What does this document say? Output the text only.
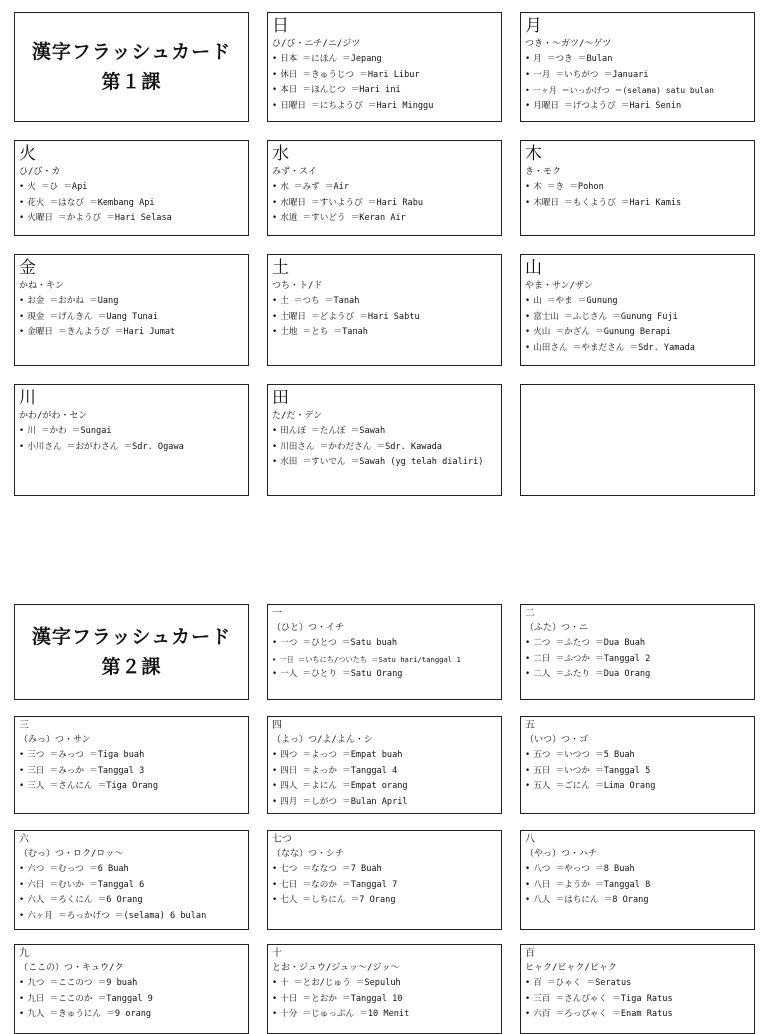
漢字フラッシュカード
第１課
日
ひ/び・ニチ/ニ/ジツ
• 日本 ＝にほん ＝Jepang
• 休日 ＝きゅうじつ ＝Hari Libur
• 本日 ＝ほんじつ ＝Hari ini
• 日曜日 ＝にちようび ＝Hari Minggu
月
つき・～ガツ/～ゲツ
• 月 ＝つき ＝Bulan
• 一月 ＝いちがつ ＝Januari
• 一ヶ月 ＝いっかげつ ＝(selama) satu bulan
• 月曜日 ＝げつようび ＝Hari Senin
火
ひ/び・カ
• 火 ＝ひ ＝Api
• 花火 ＝はなび ＝Kembang Api
• 火曜日 ＝かようび ＝Hari Selasa
水
みず・スイ
• 水 ＝みず ＝Air
• 水曜日 ＝すいようび ＝Hari Rabu
• 水道 ＝すいどう ＝Keran Air
木
き・モク
• 木 ＝き ＝Pohon
• 木曜日 ＝もくようび ＝Hari Kamis
金
かね・キン
• お金 ＝おかね ＝Uang
• 現金 ＝げんきん ＝Uang Tunai
• 金曜日 ＝きんようび ＝Hari Jumat
土
つち・ト/ド
• 土 ＝つち ＝Tanah
• 土曜日 ＝どようび ＝Hari Sabtu
• 土地 ＝とち ＝Tanah
山
やま・サン/ザン
• 山 ＝やま ＝Gunung
• 富士山 ＝ふじさん ＝Gunung Fuji
• 火山 ＝かざん ＝Gunung Berapi
• 山田さん ＝やまださん ＝Sdr. Yamada
川
かわ/がわ・セン
• 川 ＝かわ ＝Sungai
• 小川さん ＝おがわさん ＝Sdr. Ogawa
田
た/だ・デン
• 田んぼ ＝たんぼ ＝Sawah
• 川田さん ＝かわださん ＝Sdr. Kawada
• 水田 ＝すいでん ＝Sawah (yg telah dialiri)
漢字フラッシュカード
第２課
一
（ひと）つ・イチ
• 一つ ＝ひとつ ＝Satu buah
• 一日 ＝いちにち/ついたち ＝Satu hari/tanggal 1
• 一人 ＝ひとり ＝Satu Orang
二
（ふた）つ・ニ
• 二つ ＝ふたつ ＝Dua Buah
• 二日 ＝ふつか ＝Tanggal 2
• 二人 ＝ふたり ＝Dua Orang
三
（みっ）つ・サン
• 三つ ＝みっつ ＝Tiga buah
• 三日 ＝みっか ＝Tanggal 3
• 三人 ＝さんにん ＝Tiga Orang
四
（よっ）つ/よ/よん・シ
• 四つ ＝よっつ ＝Empat buah
• 四日 ＝よっか ＝Tanggal 4
• 四人 ＝よにん ＝Empat orang
• 四月 ＝しがつ ＝Bulan April
五
（いつ）つ・ゴ
• 五つ ＝いつつ ＝5 Buah
• 五日 ＝いつか ＝Tanggal 5
• 五人 ＝ごにん ＝Lima Orang
六
（むっ）つ・ロク/ロッ～
• 六つ ＝むっつ ＝6 Buah
• 六日 ＝むいか ＝Tanggal 6
• 六人 ＝ろくにん ＝6 Orang
• 六ヶ月 ＝ろっかげつ ＝(selama) 6 bulan
七つ
（なな）つ・シチ
• 七つ ＝ななつ ＝7 Buah
• 七日 ＝なのか ＝Tanggal 7
• 七人 ＝しちにん ＝7 Orang
八
（やっ）つ・ハチ
• 八つ ＝やっつ ＝8 Buah
• 八日 ＝ようか ＝Tanggal 8
• 八人 ＝はちにん ＝8 Orang
九
（ここの）つ・キュウ/ク
• 九つ ＝ここのつ ＝9 buah
• 九日 ＝ここのか ＝Tanggal 9
• 九人 ＝きゅうにん ＝9 orang
十
とお・ジュウ/ジュッ～/ジッ～
• 十 ＝とお/じゅう ＝Sepuluh
• 十日 ＝とおか ＝Tanggal 10
• 十分 ＝じゅっぷん ＝10 Menit
百
ヒャク/ビャク/ピャク
• 百 ＝ひゃく ＝Seratus
• 三百 ＝さんびゃく ＝Tiga Ratus
• 六百 ＝ろっぴゃく ＝Enam Ratus
